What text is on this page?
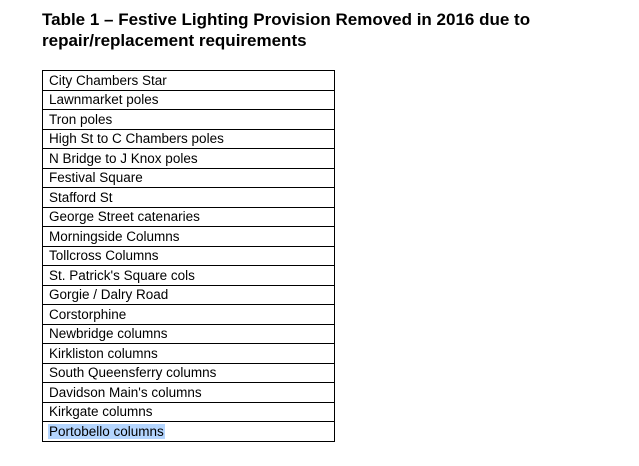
Table 1 – Festive Lighting Provision Removed in 2016 due to
repair/replacement requirements
City Chambers Star
Lawnmarket poles
Tron poles
High St to C Chambers poles
N Bridge to J Knox poles
Festival Square
Stafford St
George Street catenaries
Morningside Columns
Tollcross Columns
St. Patrick's Square cols
Gorgie / Dalry Road
Corstorphine
Newbridge columns
Kirkliston columns
South Queensferry columns
Davidson Main's columns
Kirkgate columns
Portobello columns
